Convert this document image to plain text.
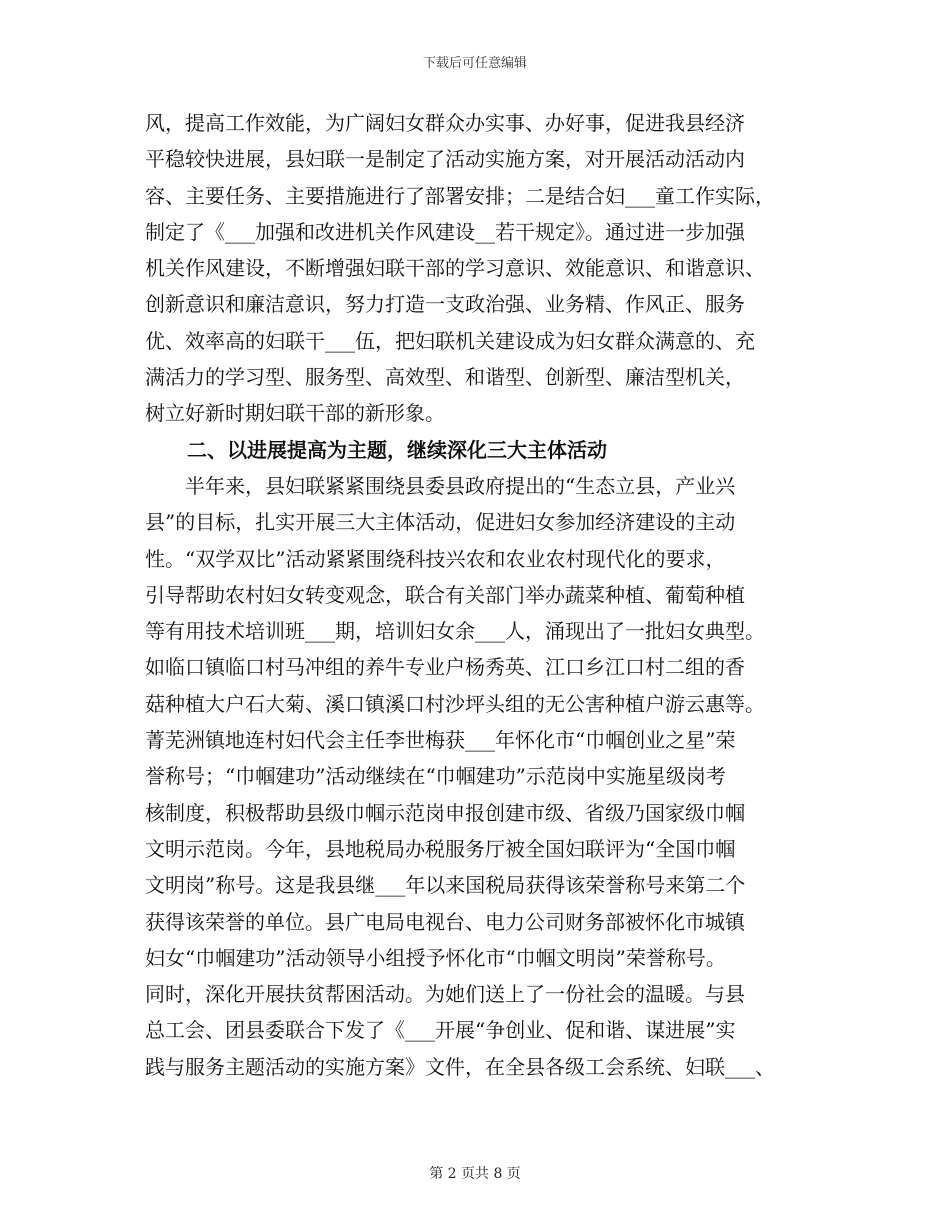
下载后可任意编辑
风，提高工作效能，为广阔妇女群众办实事、办好事，促进我县经济
平稳较快进展，县妇联一是制定了活动实施方案，对开展活动活动内
容、主要任务、主要措施进行了部署安排；二是结合妇___童工作实际，
制定了《___加强和改进机关作风建设__若干规定》。通过进一步加强
机关作风建设，不断增强妇联干部的学习意识、效能意识、和谐意识、
创新意识和廉洁意识，努力打造一支政治强、业务精、作风正、服务
优、效率高的妇联干___伍，把妇联机关建设成为妇女群众满意的、充
满活力的学习型、服务型、高效型、和谐型、创新型、廉洁型机关，
树立好新时期妇联干部的新形象。
二、以进展提高为主题，继续深化三大主体活动
半年来，县妇联紧紧围绕县委县政府提出的“生态立县，产业兴
县”的目标，扎实开展三大主体活动，促进妇女参加经济建设的主动
性。“双学双比”活动紧紧围绕科技兴农和农业农村现代化的要求，
引导帮助农村妇女转变观念，联合有关部门举办蔬菜种植、葡萄种植
等有用技术培训班___期，培训妇女余___人，涌现出了一批妇女典型。
如临口镇临口村马冲组的养牛专业户杨秀英、江口乡江口村二组的香
菇种植大户石大菊、溪口镇溪口村沙坪头组的无公害种植户游云惠等。
菁芜洲镇地连村妇代会主任李世梅获___年怀化市“巾帼创业之星”荣
誉称号；“巾帼建功”活动继续在“巾帼建功”示范岗中实施星级岗考
核制度，积极帮助县级巾帼示范岗申报创建市级、省级乃国家级巾帼
文明示范岗。今年，县地税局办税服务厅被全国妇联评为“全国巾帼
文明岗”称号。这是我县继___年以来国税局获得该荣誉称号来第二个
获得该荣誉的单位。县广电局电视台、电力公司财务部被怀化市城镇
妇女“巾帼建功”活动领导小组授予怀化市“巾帼文明岗”荣誉称号。
同时，深化开展扶贫帮困活动。为她们送上了一份社会的温暖。与县
总工会、团县委联合下发了《___开展“争创业、促和谐、谋进展”实
践与服务主题活动的实施方案》文件，在全县各级工会系统、妇联___、
第 2 页共 8 页
